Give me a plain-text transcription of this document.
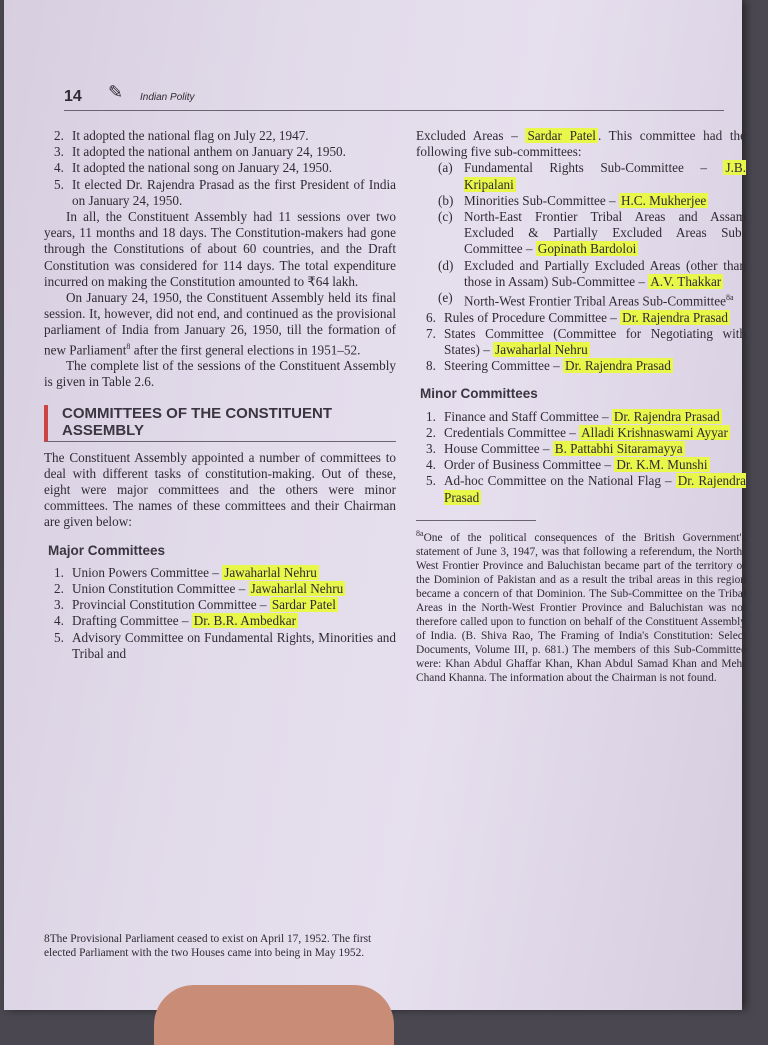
14 ✎ Indian Polity
2. It adopted the national flag on July 22, 1947.
3. It adopted the national anthem on January 24, 1950.
4. It adopted the national song on January 24, 1950.
5. It elected Dr. Rajendra Prasad as the first President of India on January 24, 1950.

In all, the Constituent Assembly had 11 sessions over two years, 11 months and 18 days. The Constitution-makers had gone through the Constitutions of about 60 countries, and the Draft Constitution was considered for 114 days. The total expenditure incurred on making the Constitution amounted to ₹64 lakh.

On January 24, 1950, the Constituent Assembly held its final session. It, however, did not end, and continued as the provisional parliament of India from January 26, 1950, till the formation of new Parliament$^8$ after the first general elections in 1951–52.

The complete list of the sessions of the Constituent Assembly is given in Table 2.6.

COMMITTEES OF THE CONSTITUENT ASSEMBLY

The Constituent Assembly appointed a number of committees to deal with different tasks of constitution-making. Out of these, eight were major committees and the others were minor committees. The names of these committees and their Chairman are given below:

Major Committees
1. Union Powers Committee – Jawaharlal Nehru
2. Union Constitution Committee – Jawaharlal Nehru
3. Provincial Constitution Committee – Sardar Patel
4. Drafting Committee – Dr. B.R. Ambedkar
5. Advisory Committee on Fundamental Rights, Minorities and Tribal and
8The Provisional Parliament ceased to exist on April 17, 1952. The first elected Parliament with the two Houses came into being in May 1952.

Excluded Areas – Sardar Patel . This committee had the following five sub-committees:

(a) Fundamental Rights Sub-Committee – J.B. Kripalani
(b) Minorities Sub-Committee – H.C. Mukherjee
(c) North-East Frontier Tribal Areas and Assam Excluded & Partially Excluded Areas Sub-Committee – Gopinath Bardoloi
(d) Excluded and Partially Excluded Areas (other than those in Assam) Sub-Committee – A.V. Thakkar
(e) North-West Frontier Tribal Areas Sub-Committee$^{8a}$
6. Rules of Procedure Committee – Dr. Rajendra Prasad
7. States Committee (Committee for Negotiating with States) – Jawaharlal Nehru
8. Steering Committee – Dr. Rajendra Prasad
Minor Committees
1. Finance and Staff Committee – Dr. Rajendra Prasad
2. Credentials Committee – Alladi Krishnaswami Ayyar
3. House Committee – B. Pattabhi Sitaramayya
4. Order of Business Committee – Dr. K.M. Munshi
5. Ad-hoc Committee on the National Flag – Dr. Rajendra Prasad

$^{8a}$One of the political consequences of the British Government's statement of June 3, 1947, was that following a referendum, the North-West Frontier Province and Baluchistan became part of the territory of the Dominion of Pakistan and as a result the tribal areas in this region became a concern of that Dominion. The Sub-Committee on the Tribal Areas in the North-West Frontier Province and Baluchistan was not therefore called upon to function on behalf of the Constituent Assembly of India. (B. Shiva Rao, The Framing of India's Constitution: Select Documents, Volume III, p. 681.) The members of this Sub-Committee were: Khan Abdul Ghaffar Khan, Khan Abdul Samad Khan and Mehr Chand Khanna. The information about the Chairman is not found.
